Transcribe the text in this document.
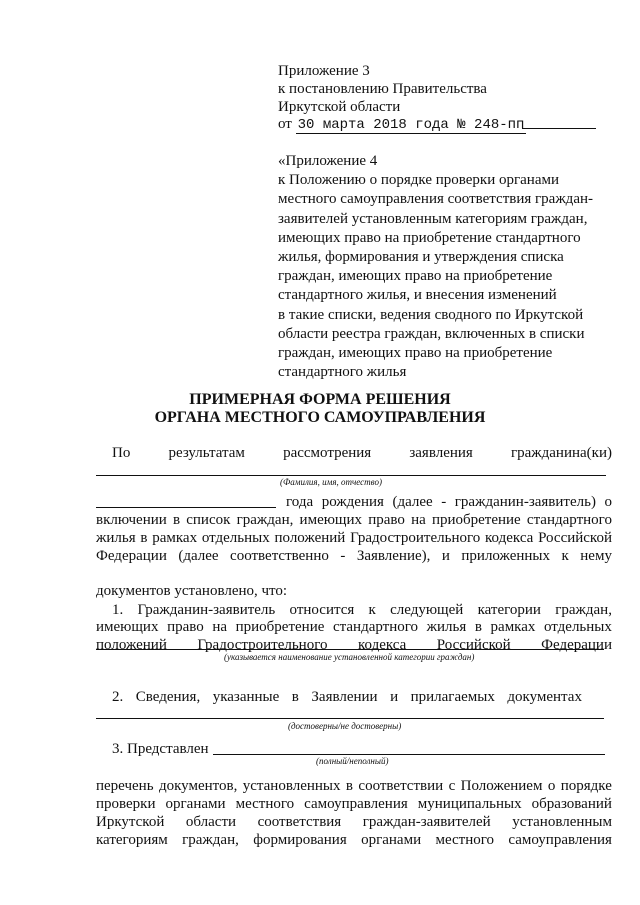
Приложение 3
к постановлению Правительства
Иркутской области
от 30 марта 2018 года № 248-пп
«Приложение 4
к Положению о порядке проверки органами
местного самоуправления соответствия граждан-
заявителей установленным категориям граждан,
имеющих право на приобретение стандартного
жилья, формирования и утверждения списка
граждан, имеющих право на приобретение
стандартного жилья, и внесения изменений
в такие списки, ведения сводного по Иркутской
области реестра граждан, включенных в списки
граждан, имеющих право на приобретение
стандартного жилья
ПРИМЕРНАЯ ФОРМА РЕШЕНИЯ
ОРГАНА МЕСТНОГО САМОУПРАВЛЕНИЯ
По	результатам	рассмотрения	заявления	гражданина(ки)
года рождения (далее - гражданин-заявитель) о
включении в список граждан, имеющих право на приобретение стандартного
жилья в рамках отдельных положений Градостроительного кодекса Российской
Федерации (далее соответственно - Заявление), и приложенных к нему
1. Гражданин-заявитель относится к следующей категории граждан,
имеющих право на приобретение стандартного жилья в рамках отдельных
положений Градостроительного кодекса Российской Федерации
2. Сведения, указанные в Заявлении и прилагаемых документах
перечень документов, установленных в соответствии с Положением о порядке
проверки органами местного самоуправления муниципальных образований
Иркутской области соответствия граждан-заявителей установленным
категориям граждан, формирования органами местного самоуправления
(Фамилия, имя, отчество)
(указывается наименование установленной категории граждан)
(достоверны/не достоверны)
3. Представлен
(полный/неполный)
документов установлено, что:
